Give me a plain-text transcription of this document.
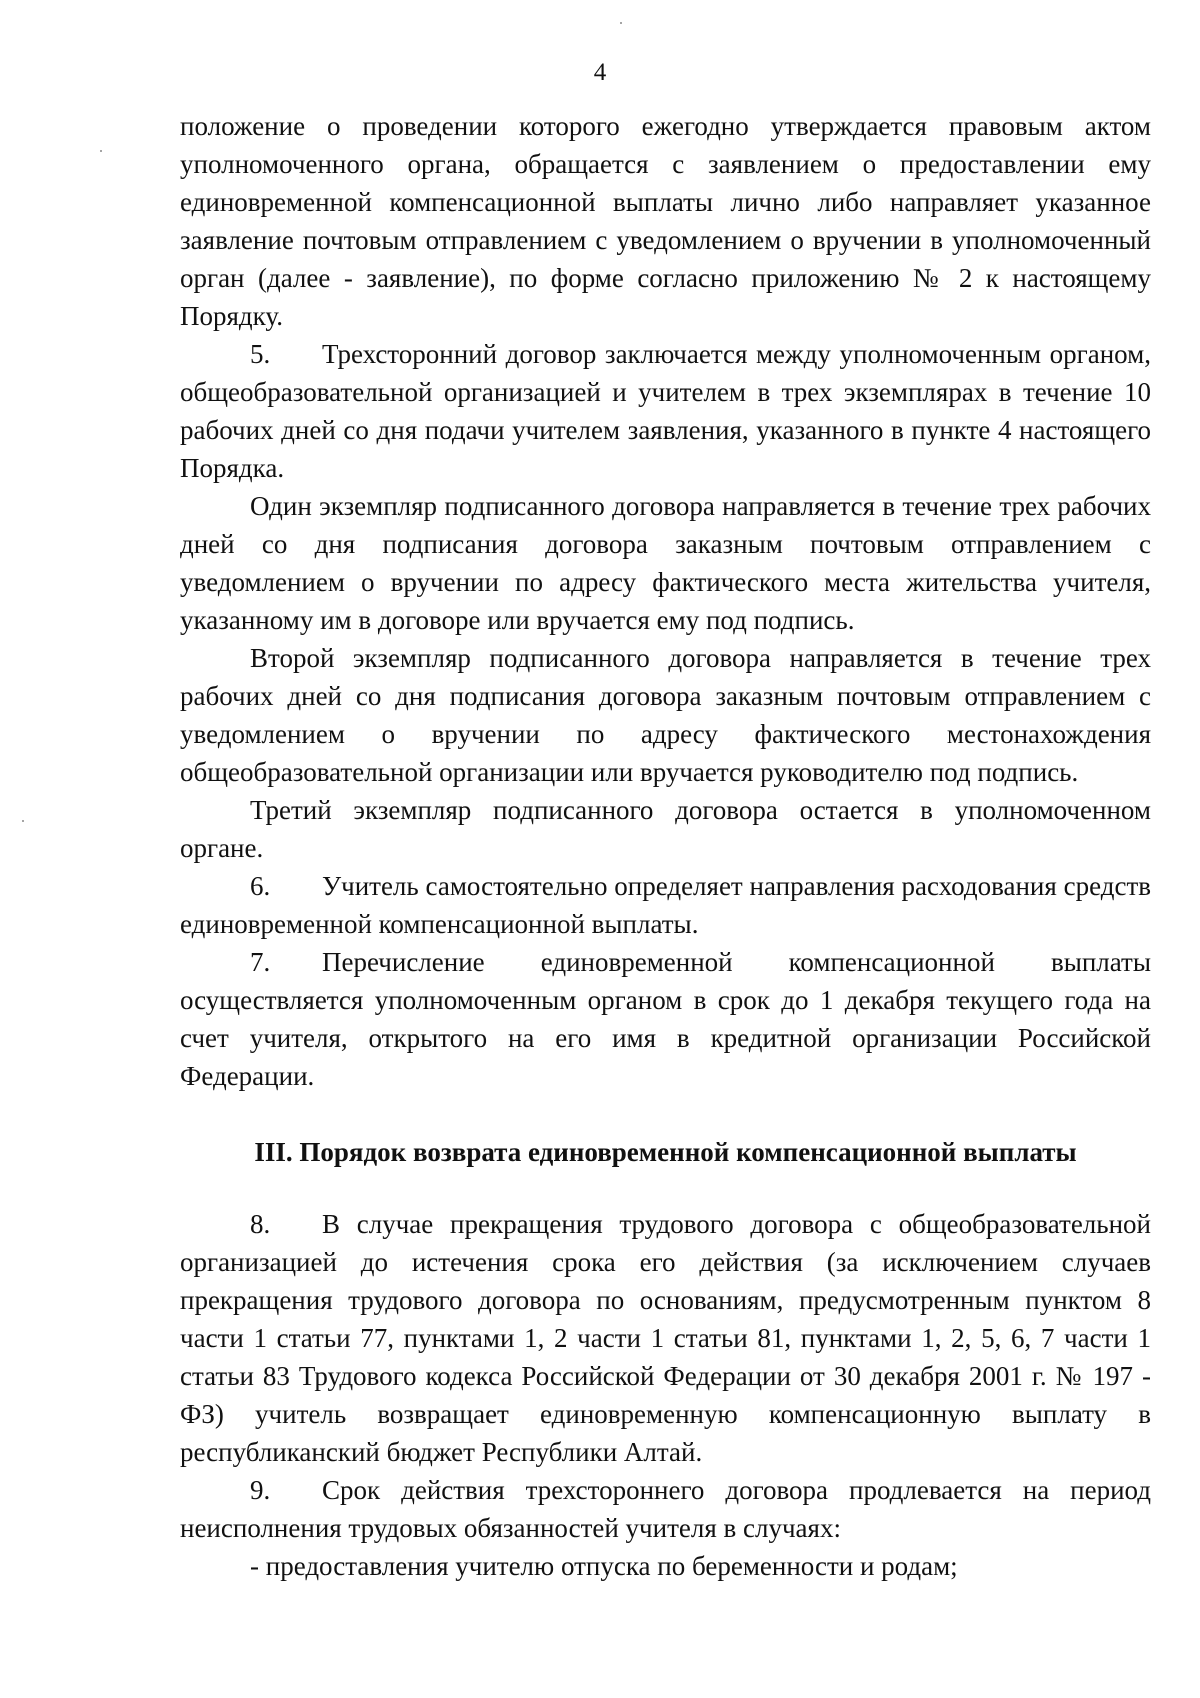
4

положение о проведении которого ежегодно утверждается правовым актом уполномоченного органа, обращается с заявлением о предоставлении ему единовременной компенсационной выплаты лично либо направляет указанное заявление почтовым отправлением с уведомлением о вручении в уполномоченный орган (далее - заявление), по форме согласно приложению № 2 к настоящему Порядку.

5. Трехсторонний договор заключается между уполномоченным органом, общеобразовательной организацией и учителем в трех экземплярах в течение 10 рабочих дней со дня подачи учителем заявления, указанного в пункте 4 настоящего Порядка.

Один экземпляр подписанного договора направляется в течение трех рабочих дней со дня подписания договора заказным почтовым отправлением с уведомлением о вручении по адресу фактического места жительства учителя, указанному им в договоре или вручается ему под подпись.

Второй экземпляр подписанного договора направляется в течение трех рабочих дней со дня подписания договора заказным почтовым отправлением с уведомлением о вручении по адресу фактического местонахождения общеобразовательной организации или вручается руководителю под подпись.

Третий экземпляр подписанного договора остается в уполномоченном органе.

6. Учитель самостоятельно определяет направления расходования средств единовременной компенсационной выплаты.

7. Перечисление единовременной компенсационной выплаты осуществляется уполномоченным органом в срок до 1 декабря текущего года на счет учителя, открытого на его имя в кредитной организации Российской Федерации.

III. Порядок возврата единовременной компенсационной выплаты

8. В случае прекращения трудового договора с общеобразовательной организацией до истечения срока его действия (за исключением случаев прекращения трудового договора по основаниям, предусмотренным пунктом 8 части 1 статьи 77, пунктами 1, 2 части 1 статьи 81, пунктами 1, 2, 5, 6, 7 части 1 статьи 83 Трудового кодекса Российской Федерации от 30 декабря 2001 г. № 197 - ФЗ) учитель возвращает единовременную компенсационную выплату в республиканский бюджет Республики Алтай.

9. Срок действия трехстороннего договора продлевается на период неисполнения трудовых обязанностей учителя в случаях:

- предоставления учителю отпуска по беременности и родам;
